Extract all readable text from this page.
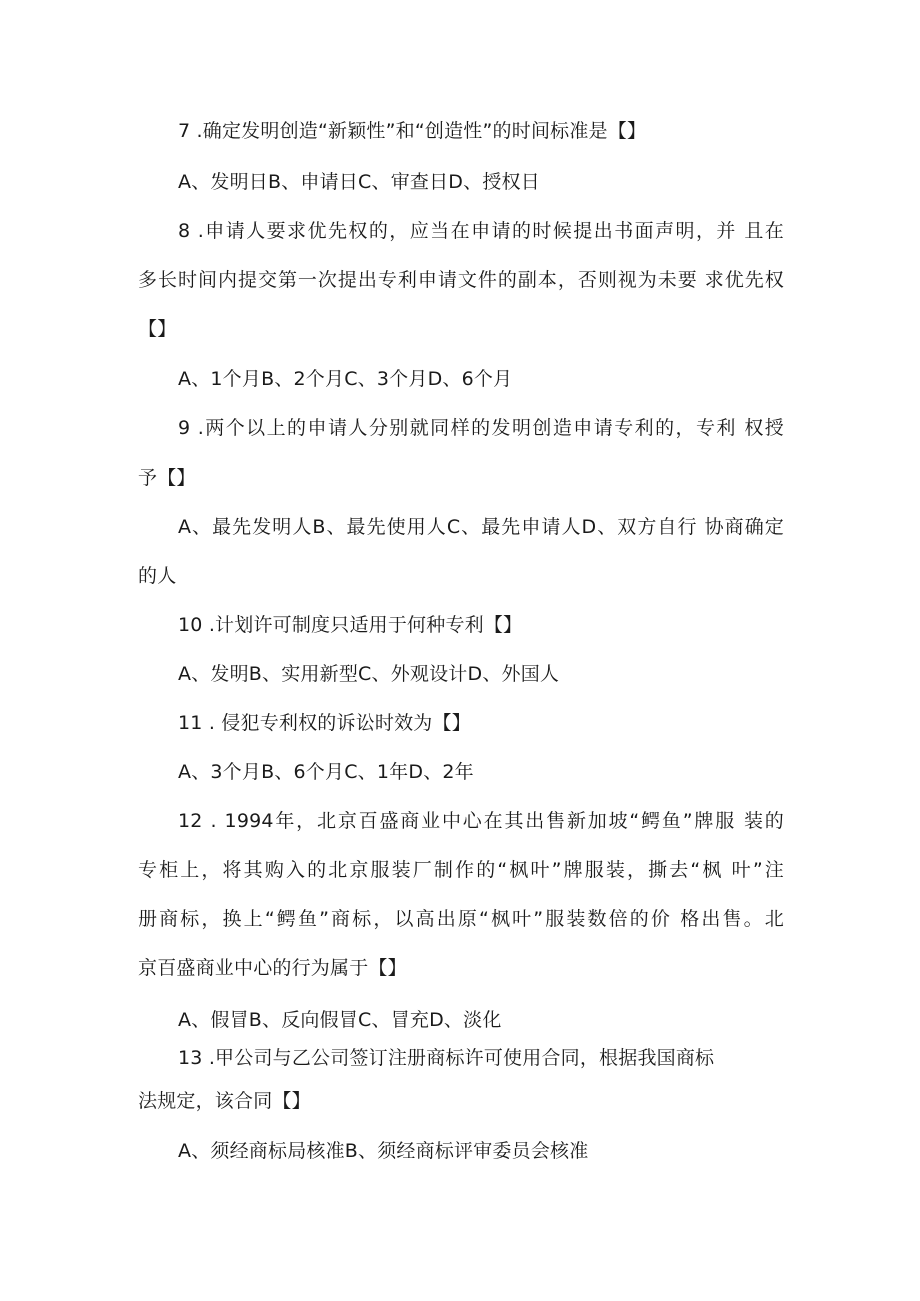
7 .确定发明创造“新颖性”和“创造性”的时间标准是【】
A、发明日B、申请日C、审查日D、授权日
8 .申请人要求优先权的，应当在申请的时候提出书面声明，并 且在
多长时间内提交第一次提出专利申请文件的副本，否则视为未要 求优先权
【】
A、1个月B、2个月C、3个月D、6个月
9 .两个以上的申请人分别就同样的发明创造申请专利的，专利 权授
予【】
A、最先发明人B、最先使用人C、最先申请人D、双方自行 协商确定
的人
10 .计划许可制度只适用于何种专利【】
A、发明B、实用新型C、外观设计D、外国人
11 . 侵犯专利权的诉讼时效为【】
A、3个月B、6个月C、1年D、2年
12 . 1994年，北京百盛商业中心在其出售新加坡“鳄鱼”牌服 装的
专柜上，将其购入的北京服装厂制作的“枫叶”牌服装，撕去“枫 叶”注
册商标，换上“鳄鱼”商标，以高出原“枫叶”服装数倍的价 格出售。北
京百盛商业中心的行为属于【】
A、假冒B、反向假冒C、冒充D、淡化
13 .甲公司与乙公司签订注册商标许可使用合同，根据我国商标
法规定，该合同【】
A、须经商标局核准B、须经商标评审委员会核准
